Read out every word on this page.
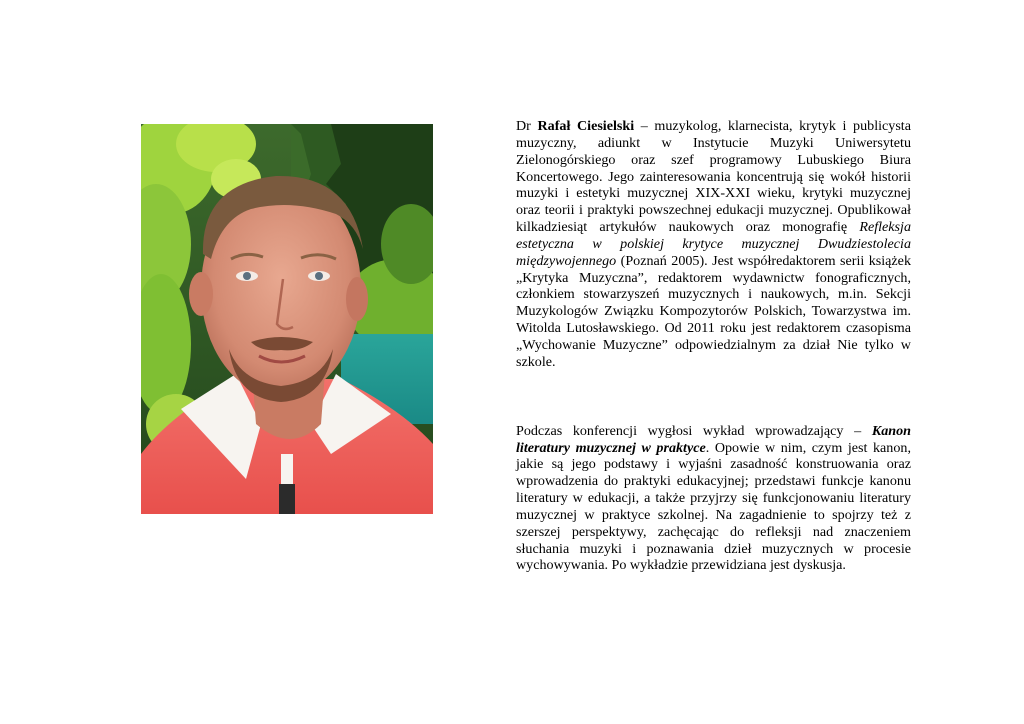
Dr Rafał Ciesielski – muzykolog, klarnecista, krytyk i publicysta muzyczny, adiunkt w Instytucie Muzyki Uniwersytetu Zielonogórskiego oraz szef programowy Lubuskiego Biura Koncertowego. Jego zainteresowania koncentrują się wokół historii muzyki i estetyki muzycznej XIX-XXI wieku, krytyki muzycznej oraz teorii i praktyki powszechnej edukacji muzycznej. Opublikował kilkadziesiąt artykułów naukowych oraz monografię Refleksja estetyczna w polskiej krytyce muzycznej Dwudziestolecia międzywojennego (Poznań 2005). Jest współredaktorem serii książek „Krytyka Muzyczna”, redaktorem wydawnictw fonograficznych, członkiem stowarzyszeń muzycznych i naukowych, m.in. Sekcji Muzykologów Związku Kompozytorów Polskich, Towarzystwa im. Witolda Lutosławskiego. Od 2011 roku jest redaktorem czasopisma „Wychowanie Muzyczne” odpowiedzialnym za dział Nie tylko w szkole.

Podczas konferencji wygłosi wykład wprowadzający – Kanon literatury muzycznej w praktyce. Opowie w nim, czym jest kanon, jakie są jego podstawy i wyjaśni zasadność konstruowania oraz wprowadzenia do praktyki edukacyjnej; przedstawi funkcje kanonu literatury w edukacji, a także przyjrzy się funkcjonowaniu literatury muzycznej w praktyce szkolnej. Na zagadnienie to spojrzy też z szerszej perspektywy, zachęcając do refleksji nad znaczeniem słuchania muzyki i poznawania dzieł muzycznych w procesie wychowywania. Po wykładzie przewidziana jest dyskusja.
